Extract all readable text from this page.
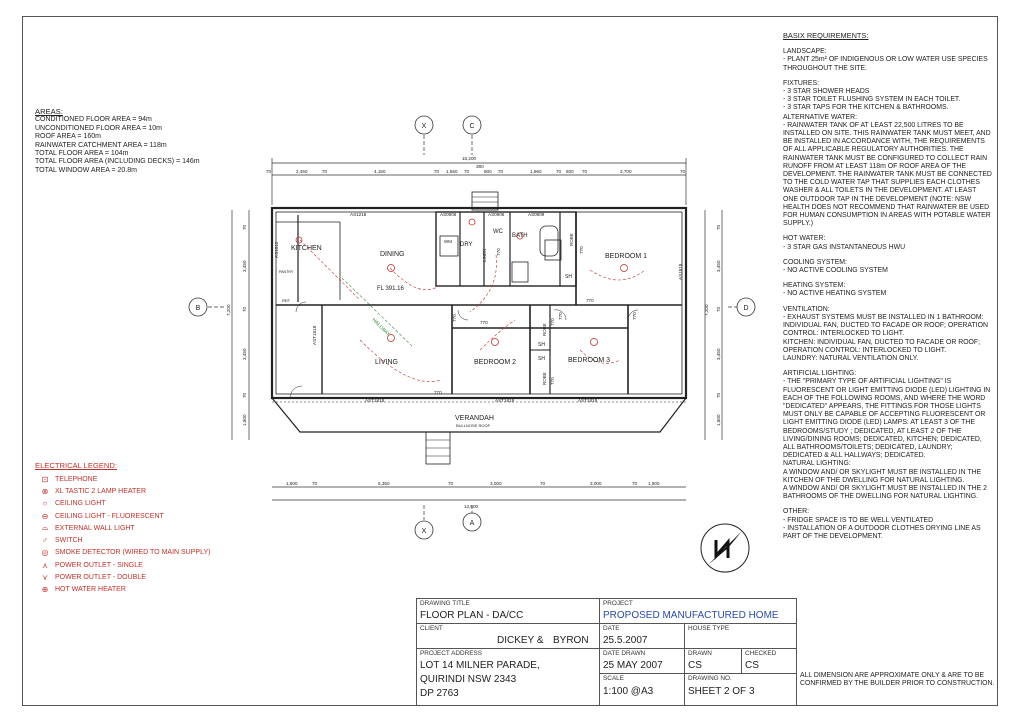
AREAS:
CONDITIONED FLOOR AREA = 94m
UNCONDITIONED FLOOR AREA = 10m
ROOF AREA = 160m
RAINWATER CATCHMENT AREA = 118m
TOTAL FLOOR AREA = 104m
TOTAL FLOOR AREA (INCLUDING DECKS) = 146m
TOTAL WINDOW AREA = 20.8m
ELECTRICAL LEGEND:
⊡ TELEPHONE
⊗ XL TASTIC 2 LAMP HEATER
○	CEILING LIGHT
⊖ CEILING LIGHT - FLUORESCENT
⌓ EXTERNAL WALL LIGHT
♂	SWITCH
◎ SMOKE DETECTOR (WIRED TO MAIN SUPPLY)
⋏	POWER OUTLET - SINGLE
⋎	POWER OUTLET - DOUBLE
⊕ HOT WATER HEATER
BASIX REQUIREMENTS:
LANDSCAPE:
- PLANT 25m² OF INDIGENOUS OR LOW WATER USE SPECIES THROUGHOUT THE SITE.
FIXTURES:
- 3 STAR SHOWER HEADS
- 3 STAR TOILET FLUSHING SYSTEM IN EACH TOILET.
- 3 STAR TAPS FOR THE KITCHEN & BATHROOMS.
ALTERNATIVE WATER:
- RAINWATER TANK OF AT LEAST 22,500 LITRES TO BE INSTALLED ON SITE. THIS RAINWATER TANK MUST MEET, AND BE INSTALLED IN ACCORDANCE WITH, THE REQUIREMENTS OF ALL APPLICABLE REGULATORY AUTHORITIES. THE RAINWATER TANK MUST BE CONFIGURED TO COLLECT RAIN RUNOFF FROM AT LEAST 118m OF ROOF AREA OF THE DEVELOPMENT. THE RAINWATER TANK MUST BE CONNECTED TO THE COLD WATER TAP THAT SUPPLIES EACH CLOTHES WASHER & ALL TOILETS IN THE DEVELOPMENT. AT LEAST ONE OUTDOOR TAP IN THE DEVELOPMENT (NOTE: NSW HEALTH DOES NOT RECOMMEND THAT RAINWATER BE USED FOR HUMAN CONSUMPTION IN AREAS WITH POTABLE WATER SUPPLY.)
HOT WATER:
- 3 STAR GAS INSTANTANEOUS HWU
COOLING SYSTEM:
- NO ACTIVE COOLING SYSTEM
HEATING SYSTEM:
- NO ACTIVE HEATING SYSTEM
VENTILATION:
- EXHAUST SYSTEMS MUST BE INSTALLED IN 1 BATHROOM: INDIVIDUAL FAN, DUCTED TO FACADE OR ROOF; OPERATION CONTROL: INTERLOCKED TO LIGHT.
KITCHEN: INDIVIDUAL FAN, DUCTED TO FACADE OR ROOF; OPERATION CONTROL: INTERLOCKED TO LIGHT.
LAUNDRY: NATURAL VENTILATION ONLY.
ARTIFICIAL LIGHTING:
- THE "PRIMARY TYPE OF ARTIFICIAL LIGHTING" IS FLUORESCENT OR LIGHT EMITTING DIODE (LED) LIGHTING IN EACH OF THE FOLLOWING ROOMS, AND WHERE THE WORD "DEDICATED" APPEARS, THE FITTINGS FOR THOSE LIGHTS MUST ONLY BE CAPABLE OF ACCEPTING FLUORESCENT OR LIGHT EMITTING DIODE (LED) LAMPS: AT LEAST 3 OF THE BEDROOMS/STUDY ; DEDICATED, AT LEAST 2 OF THE LIVING/DINING ROOMS; DEDICATED, KITCHEN; DEDICATED, ALL BATHROOMS/TOILETS; DEDICATED, LAUNDRY; DEDICATED & ALL HALLWAYS; DEDICATED.
NATURAL LIGHTING:
A WINDOW AND/ OR SKYLIGHT MUST BE INSTALLED IN THE KITCHEN OF THE DWELLING FOR NATURAL LIGHTING.
A WINDOW AND/ OR SKYLIGHT MUST BE INSTALLED IN THE 2 BATHROOMS OF THE DWELLING FOR NATURAL LIGHTING.
OTHER:
- FRIDGE SPACE IS TO BE WELL VENTILATED
- INSTALLATION OF A OUTDOOR CLOTHES DRYING LINE AS PART OF THE DEVELOPMENT.
HALLWAY
KITCHEN
DINING
DRY
WC
BATH
BEDROOM 1
LIVING	BEDROOM 2	BEDROOM 3
VERANDAH
BULLNOSE ROOF
FL 391.16
SH
SH
SH
ROBE
ROBE
ROBE
LINEN
REF
WM
PANTRY
AS1218	AS0906	AS0906	AS0909
AST1818	AST1818	AST1818
AST1818
AS1818
AS1012
770
770
770	770	770
770
770
770
770
770
16,200
70	2,450	70	4,150	70 1,550 70	900 70	1,960	70 600 70	3,700	70
380
1,800	70	5,350	70	3,000	70	3,000	70 1,800
12,600
70
3,450
70
3,450
70
1,800
7,200
70
3,450
70
3,450
70
1,800
7,200
X	C
B	D
A
X
DRAWING TITLE
FLOOR PLAN - DA/CC
PROJECT
PROPOSED MANUFACTURED HOME
CLIENT
DICKEY & BYRON
DATE
25.5.2007
HOUSE TYPE
PROJECT ADDRESS
LOT 14 MILNER PARADE,
QUIRINDI NSW 2343
DP 2763
DATE DRAWN
25 MAY 2007
DRAWN
CS
CHECKED
CS
SCALE
1:100 @A3
DRAWING NO.
SHEET 2 OF 3
ALL DIMENSION ARE APPROXIMATE ONLY & ARE TO BE CONFIRMED BY THE BUILDER PRIOR TO CONSTRUCTION.
